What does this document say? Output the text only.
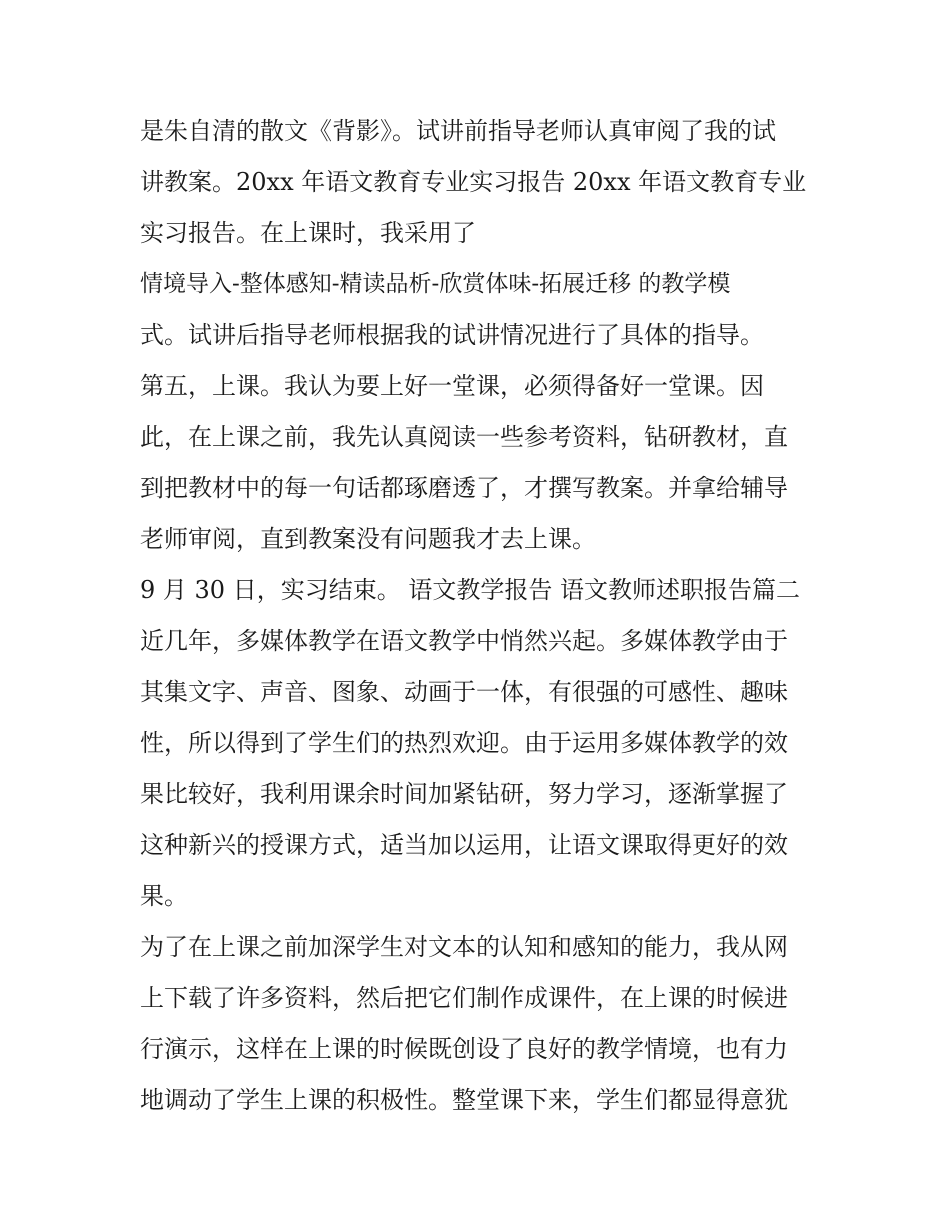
是朱自清的散文《背影》。试讲前指导老师认真审阅了我的试
讲教案。20xx 年语文教育专业实习报告 20xx 年语文教育专业
实习报告。在上课时，我采用了
情境导入-整体感知-精读品析-欣赏体味-拓展迁移 的教学模
式。试讲后指导老师根据我的试讲情况进行了具体的指导。
第五，上课。我认为要上好一堂课，必须得备好一堂课。因
此，在上课之前，我先认真阅读一些参考资料，钻研教材，直
到把教材中的每一句话都琢磨透了，才撰写教案。并拿给辅导
老师审阅，直到教案没有问题我才去上课。
9 月 30 日，实习结束。 语文教学报告 语文教师述职报告篇二
近几年，多媒体教学在语文教学中悄然兴起。多媒体教学由于
其集文字、声音、图象、动画于一体，有很强的可感性、趣味
性，所以得到了学生们的热烈欢迎。由于运用多媒体教学的效
果比较好，我利用课余时间加紧钻研，努力学习，逐渐掌握了
这种新兴的授课方式，适当加以运用，让语文课取得更好的效
果。
为了在上课之前加深学生对文本的认知和感知的能力，我从网
上下载了许多资料，然后把它们制作成课件，在上课的时候进
行演示，这样在上课的时候既创设了良好的教学情境，也有力
地调动了学生上课的积极性。整堂课下来，学生们都显得意犹
